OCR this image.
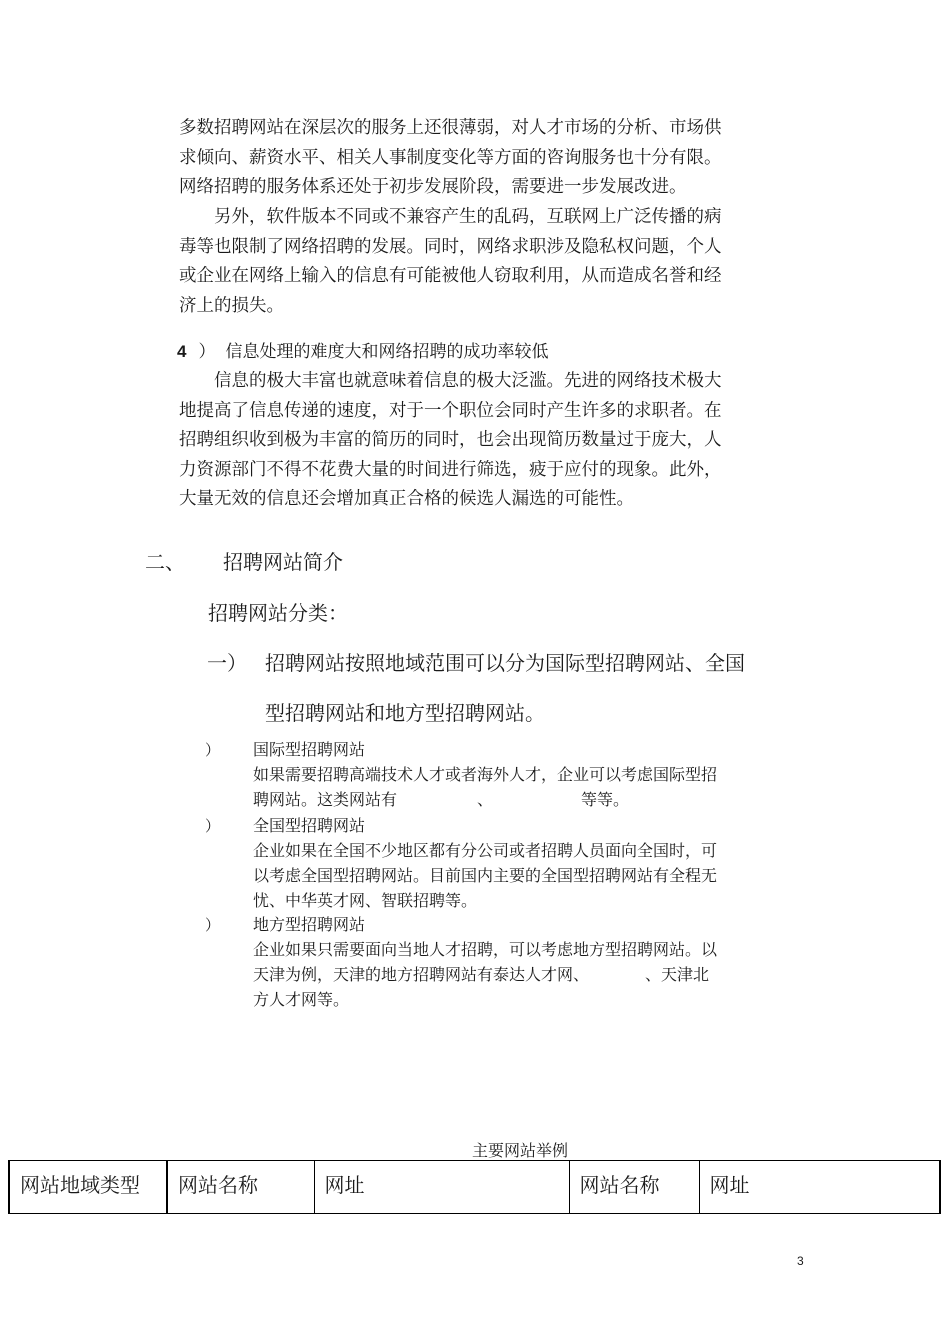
多数招聘网站在深层次的服务上还很薄弱，对人才市场的分析、市场供
求倾向、薪资水平、相关人事制度变化等方面的咨询服务也十分有限。
网络招聘的服务体系还处于初步发展阶段，需要进一步发展改进。
　　另外，软件版本不同或不兼容产生的乱码，互联网上广泛传播的病
毒等也限制了网络招聘的发展。同时，网络求职涉及隐私权问题，个人
或企业在网络上输入的信息有可能被他人窃取利用，从而造成名誉和经
济上的损失。
4 ） 信息处理的难度大和网络招聘的成功率较低
　　信息的极大丰富也就意味着信息的极大泛滥。先进的网络技术极大
地提高了信息传递的速度，对于一个职位会同时产生许多的求职者。在
招聘组织收到极为丰富的简历的同时，也会出现简历数量过于庞大，人
力资源部门不得不花费大量的时间进行筛选，疲于应付的现象。此外，
大量无效的信息还会增加真正合格的候选人漏选的可能性。
二、 招聘网站简介
招聘网站分类：
一） 招聘网站按照地域范围可以分为国际型招聘网站、全国
型招聘网站和地方型招聘网站。
） 国际型招聘网站
如果需要招聘高端技术人才或者海外人才，企业可以考虑国际型招
聘网站。这类网站有　　　　　、　　　　　　等等。
） 全国型招聘网站
企业如果在全国不少地区都有分公司或者招聘人员面向全国时，可
以考虑全国型招聘网站。目前国内主要的全国型招聘网站有全程无
忧、中华英才网、智联招聘等。
） 地方型招聘网站
企业如果只需要面向当地人才招聘，可以考虑地方型招聘网站。以
天津为例，天津的地方招聘网站有泰达人才网、　　　　、天津北
方人才网等。
主要网站举例
网站地域类型	网站名称	网址	网站名称	网址
3
